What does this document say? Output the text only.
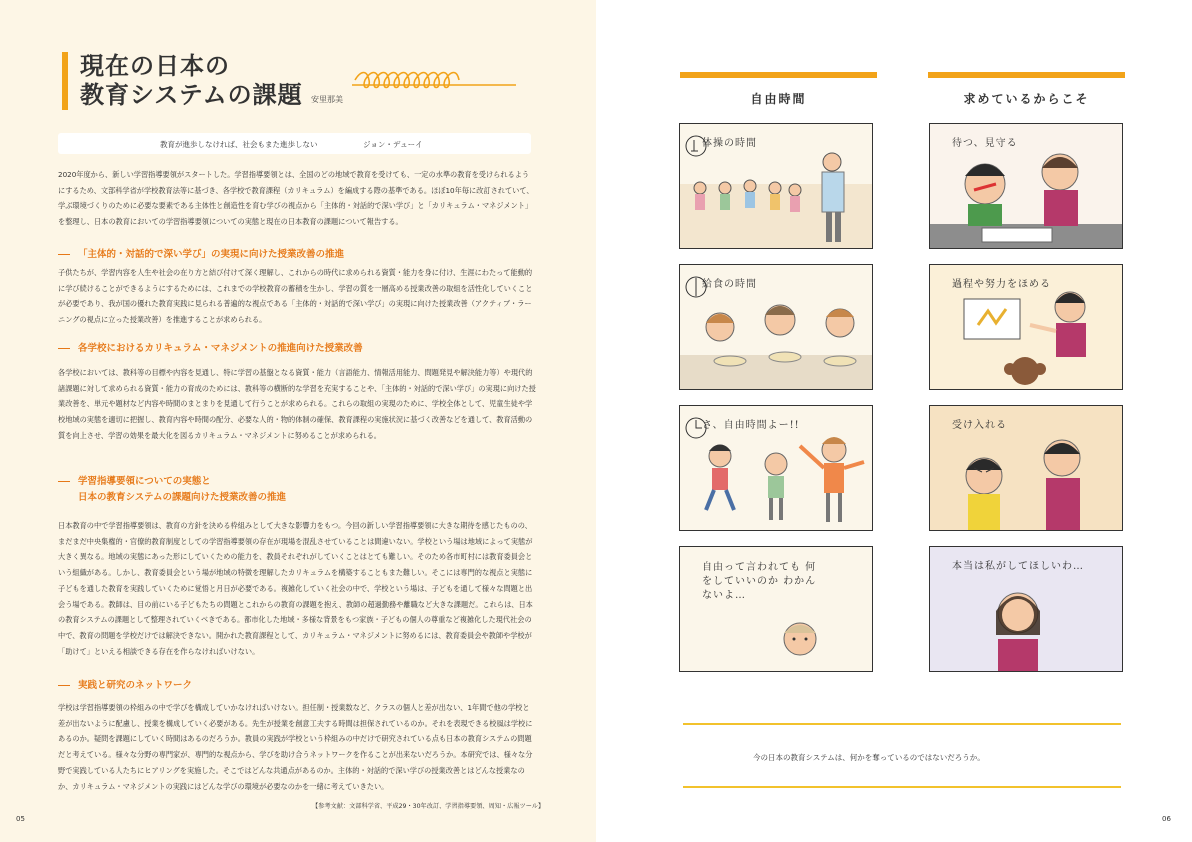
現在の日本の
教育システムの課題 安里那美
教育が進歩しなければ、社会もまた進歩しない	ジョン・デューイ

2020年度から、新しい学習指導要領がスタートした。学習指導要領とは、全国のどの地域で教育を受けても、一定の水準の教育を受けられるようにするため、文部科学省が学校教育法等に基づき、各学校で教育課程（カリキュラム）を編成する際の基準である。ほぼ10年毎に改訂されていて、学ぶ環境づくりのために必要な要素である主体性と創造性を育む学びの視点から「主体的・対話的で深い学び」と「カリキュラム・マネジメント」を整理し、日本の教育においての学習指導要領についての実態と現在の日本教育の課題について報告する。

「主体的・対話的で深い学び」の実現に向けた授業改善の推進

子供たちが、学習内容を人生や社会の在り方と結び付けて深く理解し、これからの時代に求められる資質・能力を身に付け、生涯にわたって能動的に学び続けることができるようにするためには、これまでの学校教育の蓄積を生かし、学習の質を一層高める授業改善の取組を活性化していくことが必要であり、我が国の優れた教育実践に見られる普遍的な視点である「主体的・対話的で深い学び」の実現に向けた授業改善（アクティブ・ラーニングの視点に立った授業改善）を推進することが求められる。

各学校におけるカリキュラム・マネジメントの推進向けた授業改善

各学校においては、教科等の目標や内容を見通し、特に学習の基盤となる資質・能力（言語能力、情報活用能力、問題発見や解決能力等）や現代的諸課題に対して求められる資質・能力の育成のためには、教科等の横断的な学習を充実することや、「主体的・対話的で深い学び」の実現に向けた授業改善を、単元や題材など内容や時間のまとまりを見通して行うことが求められる。これらの取組の実現のために、学校全体として、児童生徒や学校地域の実態を適切に把握し、教育内容や時間の配分、必要な人的・物的体制の確保、教育課程の実施状況に基づく改善などを通して、教育活動の質を向上させ、学習の効果を最大化を図るカリキュラム・マネジメントに努めることが求められる。

学習指導要領についての実態と
日本の教育システムの課題向けた授業改善の推進

日本教育の中で学習指導要領は、教育の方針を決める枠組みとして大きな影響力をもつ。今回の新しい学習指導要領に大きな期待を感じたものの、まだまだ中央集権的・官僚的教育制度としての学習指導要領の存在が現場を混乱させていることは間違いない。学校という場は地域によって実態が大きく異なる。地域の実態にあった形にしていくための能力を、教員それぞれがしていくことはとても難しい。そのため各市町村には教育委員会という組織がある。しかし、教育委員会という場が地域の特徴を理解したカリキュラムを構築することもまた難しい。そこには専門的な視点と実態に子どもを通した教育を実践していくために覚悟と月日が必要である。複雑化していく社会の中で、学校という場は、子どもを通して様々な問題と出会う場である。教師は、目の前にいる子どもたちの問題とこれからの教育の課題を抱え、教師の超過勤務や離職など大きな課題だ。これらは、日本の教育システムの課題として整理されていくべきである。都市化した地域・多様な背景をもつ家族・子どもの個人の尊重など複雑化した現代社会の中で、教育の問題を学校だけでは解決できない。開かれた教育課程として、カリキュラム・マネジメントに努めるには、教育委員会や教師や学校が「助けて」といえる相談できる存在を作らなければいけない。

実践と研究のネットワーク

学校は学習指導要領の枠組みの中で学びを構成していかなければいけない。担任制・授業数など、クラスの個人と差が出ない、1年間で他の学校と差が出ないように配慮し、授業を構成していく必要がある。先生が授業を創意工夫する時間は担保されているのか。それを表現できる校風は学校にあるのか。疑問を課題にしていく時間はあるのだろうか。教員の実践が学校という枠組みの中だけで研究されている点も日本の教育システムの問題だと考えている。様々な分野の専門家が、専門的な視点から、学びを助け合うネットワークを作ることが出来ないだろうか。本研究では、様々な分野で実践している人たちにヒアリングを実施した。そこではどんな共通点があるのか。主体的・対話的で深い学びの授業改善とはどんな授業なのか、カリキュラム・マネジメントの実践にはどんな学びの環境が必要なのかを一緒に考えていきたい。

【参考文献：文部科学省、平成29・30年改訂、学習指導要領、周知・広報ツール】
05
自由時間	求めているからこそ
体操の時間
給食の時間
さ、自由時間よー!!
自由って言われても 何をしていいのか わかんないよ…
待つ、見守る
過程や努力をほめる
受け入れる
本当は私がしてほしいわ…
今の日本の教育システムは、何かを奪っているのではないだろうか。
06
